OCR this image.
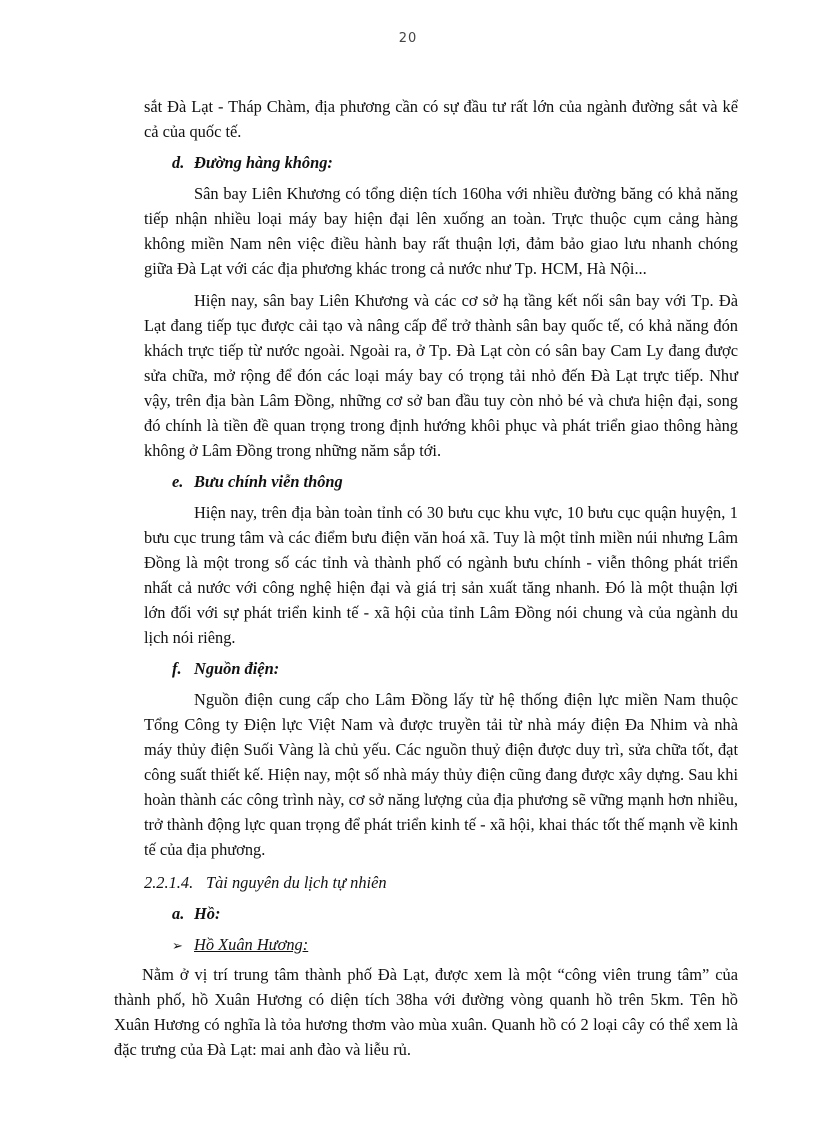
20

sắt Đà Lạt - Tháp Chàm, địa phương cần có sự đầu tư rất lớn của ngành đường sắt và kể cả của quốc tế.

d. Đường hàng không:

Sân bay Liên Khương có tổng diện tích 160ha với nhiều đường băng có khả năng tiếp nhận nhiều loại máy bay hiện đại lên xuống an toàn. Trực thuộc cụm cảng hàng không miền Nam nên việc điều hành bay rất thuận lợi, đảm bảo giao lưu nhanh chóng giữa Đà Lạt với các địa phương khác trong cả nước như Tp. HCM, Hà Nội...

Hiện nay, sân bay Liên Khương và các cơ sở hạ tầng kết nối sân bay với Tp. Đà Lạt đang tiếp tục được cải tạo và nâng cấp để trở thành sân bay quốc tế, có khả năng đón khách trực tiếp từ nước ngoài. Ngoài ra, ở Tp. Đà Lạt còn có sân bay Cam Ly đang được sửa chữa, mở rộng để đón các loại máy bay có trọng tải nhỏ đến Đà Lạt trực tiếp. Như vậy, trên địa bàn Lâm Đồng, những cơ sở ban đầu tuy còn nhỏ bé và chưa hiện đại, song đó chính là tiền đề quan trọng trong định hướng khôi phục và phát triển giao thông hàng không ở Lâm Đồng trong những năm sắp tới.

e. Bưu chính viễn thông

Hiện nay, trên địa bàn toàn tỉnh có 30 bưu cục khu vực, 10 bưu cục quận huyện, 1 bưu cục trung tâm và các điểm bưu điện văn hoá xã. Tuy là một tỉnh miền núi nhưng Lâm Đồng là một trong số các tỉnh và thành phố có ngành bưu chính - viễn thông phát triển nhất cả nước với công nghệ hiện đại và giá trị sản xuất tăng nhanh. Đó là một thuận lợi lớn đối với sự phát triển kinh tế - xã hội của tỉnh Lâm Đồng nói chung và của ngành du lịch nói riêng.

f. Nguồn điện:

Nguồn điện cung cấp cho Lâm Đồng lấy từ hệ thống điện lực miền Nam thuộc Tổng Công ty Điện lực Việt Nam và được truyền tải từ nhà máy điện Đa Nhim và nhà máy thủy điện Suối Vàng là chủ yếu. Các nguồn thuỷ điện được duy trì, sửa chữa tốt, đạt công suất thiết kế. Hiện nay, một số nhà máy thủy điện cũng đang được xây dựng. Sau khi hoàn thành các công trình này, cơ sở năng lượng của địa phương sẽ vững mạnh hơn nhiều, trở thành động lực quan trọng để phát triển kinh tế - xã hội, khai thác tốt thế mạnh về kinh tế của địa phương.

2.2.1.4. Tài nguyên du lịch tự nhiên
a. Hồ:
➢ Hồ Xuân Hương:

Nằm ở vị trí trung tâm thành phố Đà Lạt, được xem là một “công viên trung tâm” của thành phố, hồ Xuân Hương có diện tích 38ha với đường vòng quanh hồ trên 5km. Tên hồ Xuân Hương có nghĩa là tỏa hương thơm vào mùa xuân. Quanh hồ có 2 loại cây có thể xem là đặc trưng của Đà Lạt: mai anh đào và liễu rủ.
